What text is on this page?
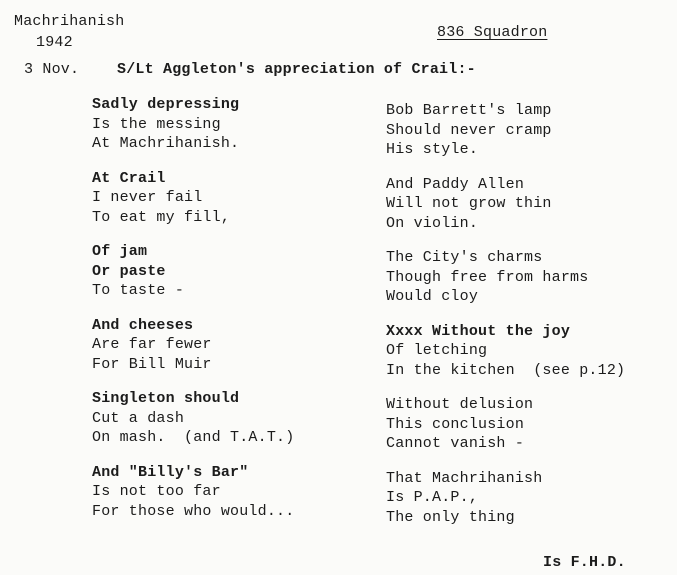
Machrihanish
1942
836 Squadron
3 Nov.	S/Lt Aggleton's appreciation of Crail:-
Sadly depressing
Is the messing
At Machrihanish.
At Crail
I never fail
To eat my fill,
Of jam
Or paste
To taste -
And cheeses
Are far fewer
For Bill Muir
Singleton should
Cut a dash
On mash.  (and T.A.T.)
And "Billy's Bar"
Is not too far
For those who would...
Bob Barrett's lamp
Should never cramp
His style.
And Paddy Allen
Will not grow thin
On violin.
The City's charms
Though free from harms
Would cloy
Xxxx Without the joy
Of letching
In the kitchen  (see p.12)
Without delusion
This conclusion
Cannot vanish -
That Machrihanish
Is P.A.P.,
The only thing
Is F.H.D.
